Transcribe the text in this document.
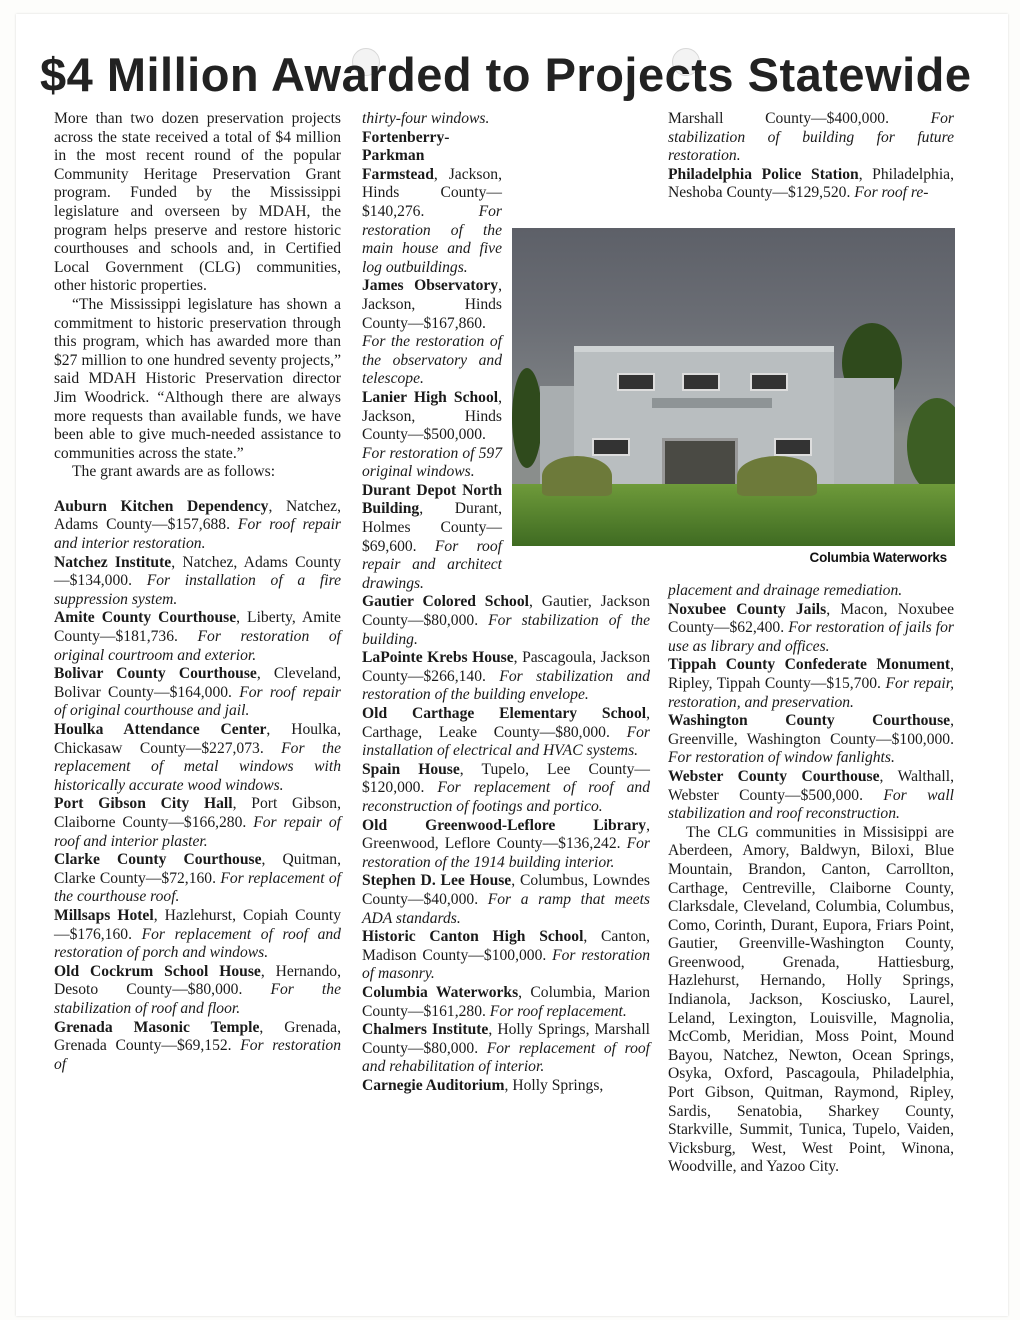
$4 Million Awarded to Projects Statewide

More than two dozen preservation projects across the state received a total of $4 million in the most recent round of the popular Community Heritage Preservation Grant program. Funded by the Mississippi legislature and overseen by MDAH, the program helps preserve and restore historic courthouses and schools and, in Certified Local Government (CLG) communities, other historic properties.

“The Mississippi legislature has shown a commitment to historic preservation through this program, which has awarded more than $27 million to one hundred seventy projects,” said MDAH Historic Preservation director Jim Woodrick. “Although there are always more requests than available funds, we have been able to give much-needed assistance to communities across the state.”

The grant awards are as follows:

Auburn Kitchen Dependency, Natchez, Adams County—$157,688. For roof repair and interior restoration.

Natchez Institute, Natchez, Adams County—$134,000. For installation of a fire suppression system.

Amite County Courthouse, Liberty, Amite County—$181,736. For restoration of original courtroom and exterior.

Bolivar County Courthouse, Cleveland, Bolivar County—$164,000. For roof repair of original courthouse and jail.

Houlka Attendance Center, Houlka, Chickasaw County—$227,073. For the replacement of metal windows with historically accurate wood windows.

Port Gibson City Hall, Port Gibson, Claiborne County—$166,280. For repair of roof and interior plaster.

Clarke County Courthouse, Quitman, Clarke County—$72,160. For replacement of the courthouse roof.

Millsaps Hotel, Hazlehurst, Copiah County—$176,160. For replacement of roof and restoration of porch and windows.

Old Cockrum School House, Hernando, Desoto County—$80,000. For the stabilization of roof and floor.

Grenada Masonic Temple, Grenada, Grenada County—$69,152. For restoration of

thirty-four windows.

Fortenberry-Parkman Farmstead, Jackson, Hinds County—$140,276. For restoration of the main house and five log outbuildings.

James Observatory, Jackson, Hinds County—$167,860. For the restoration of the observatory and telescope.

Lanier High School, Jackson, Hinds County—$500,000. For restoration of 597 original windows.

Durant Depot North Building, Durant, Holmes County—$69,600. For roof repair and architect drawings.

Gautier Colored School, Gautier, Jackson County—$80,000. For stabilization of the building.

LaPointe Krebs House, Pascagoula, Jackson County—$266,140. For stabilization and restoration of the building envelope.

Old Carthage Elementary School, Carthage, Leake County—$80,000. For installation of electrical and HVAC systems.

Spain House, Tupelo, Lee County—$120,000. For replacement of roof and reconstruction of footings and portico.

Old Greenwood-Leflore Library, Greenwood, Leflore County—$136,242. For restoration of the 1914 building interior.

Stephen D. Lee House, Columbus, Lowndes County—$40,000. For a ramp that meets ADA standards.

Historic Canton High School, Canton, Madison County—$100,000. For restoration of masonry.

Columbia Waterworks, Columbia, Marion County—$161,280. For roof replacement.

Chalmers Institute, Holly Springs, Marshall County—$80,000. For replacement of roof and rehabilitation of interior.

Carnegie Auditorium, Holly Springs,

Marshall County—$400,000. For stabilization of building for future restoration.

Philadelphia Police Station, Philadelphia, Neshoba County—$129,520. For roof re-

Columbia Waterworks

placement and drainage remediation.

Noxubee County Jails, Macon, Noxubee County—$62,400. For restoration of jails for use as library and offices.

Tippah County Confederate Monument, Ripley, Tippah County—$15,700. For repair, restoration, and preservation.

Washington County Courthouse, Greenville, Washington County—$100,000. For restoration of window fanlights.

Webster County Courthouse, Walthall, Webster County—$500,000. For wall stabilization and roof reconstruction.

The CLG communities in Missisippi are Aberdeen, Amory, Baldwyn, Biloxi, Blue Mountain, Brandon, Canton, Carrollton, Carthage, Centreville, Claiborne County, Clarksdale, Cleveland, Columbia, Columbus, Como, Corinth, Durant, Eupora, Friars Point, Gautier, Greenville-Washington County, Greenwood, Grenada, Hattiesburg, Hazlehurst, Hernando, Holly Springs, Indianola, Jackson, Kosciusko, Laurel, Leland, Lexington, Louisville, Magnolia, McComb, Meridian, Moss Point, Mound Bayou, Natchez, Newton, Ocean Springs, Osyka, Oxford, Pascagoula, Philadelphia, Port Gibson, Quitman, Raymond, Ripley, Sardis, Senatobia, Sharkey County, Starkville, Summit, Tunica, Tupelo, Vaiden, Vicksburg, West, West Point, Winona, Woodville, and Yazoo City.
